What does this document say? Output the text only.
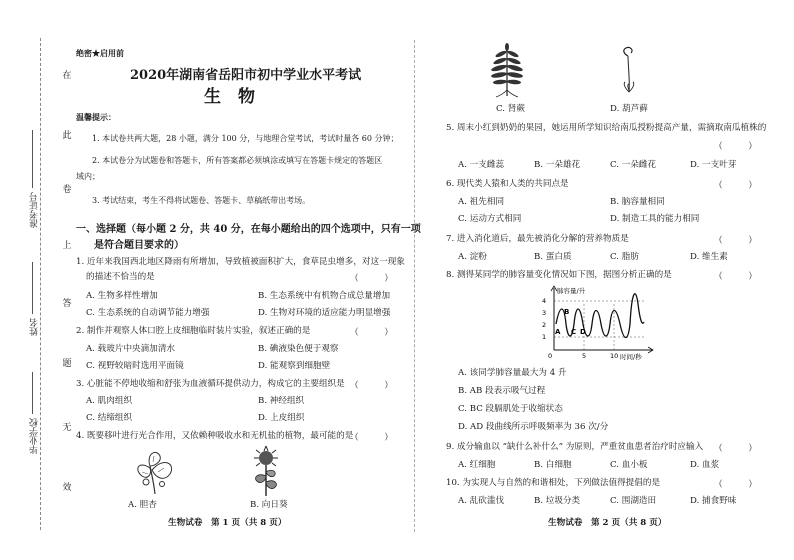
在
此
卷
上
答
题
无
效
准考证号
姓名
毕业学校
绝密★启用前
2020年湖南省岳阳市初中学业水平考试
生　物
温馨提示：
1. 本试卷共两大题，28 小题，满分 100 分，与地理合堂考试，考试时量各 60 分钟；
2. 本试卷分为试题卷和答题卡，所有答案都必须填涂或填写在答题卡规定的答题区
域内；
3. 考试结束，考生不得将试题卷、答题卡、草稿纸带出考场。
一、选择题（每小题 2 分，共 40 分，在每小题给出的四个选项中，只有一项
是符合题目要求的）
1. 近年来我国西北地区降雨有所增加，导致植被面积扩大，食草昆虫增多，对这一现象
的描述不恰当的是	（　　　）
A. 生物多样性增加	B. 生态系统中有机物合成总量增加
C. 生态系统的自动调节能力增强	D. 生物对环境的适应能力明显增强
2. 制作并观察人体口腔上皮细胞临时装片实验，叙述正确的是	（　　　）
A. 载玻片中央滴加清水	B. 碘液染色便于观察
C. 视野较暗时选用平面镜	D. 能观察到细胞壁
3. 心脏能不停地收缩和舒张为血液循环提供动力，构成它的主要组织是 （　　　）
A. 肌肉组织	B. 神经组织
C. 结缔组织	D. 上皮组织
4. 既要移叶进行光合作用，又依赖种吸收水和无机盐的植物，最可能的是
（　　　）
A. 胆杏	B. 向日葵
生物试卷　第 1 页（共 8 页）
C. 肾蕨	D. 葫芦藓
5. 周末小红到奶奶的果园，她运用所学知识给南瓜授粉提高产量，需摘取南瓜植株的
（　　　）
A. 一支雌蕊	B. 一朵雄花	C. 一朵雌花	D. 一支叶芽
6. 现代类人猿和人类的共同点是	（　　　）
A. 祖先相同	B. 脑容量相同
C. 运动方式相同	D. 制造工具的能力相同
7. 进入消化道后，最先被消化分解的营养物质是	（　　　）
A. 淀粉	B. 蛋白质	C. 脂肪	D. 维生素
8. 测得某同学的肺容量变化情况如下图，据图分析正确的是	（　　　）
肺容量/升
4
3
2
1
0	5	10 时间/秒
A
B
C D
A. 该同学肺容量最大为 4 升
B. AB 段表示吸气过程
C. BC 段膈肌处于收缩状态
D. AD 段曲线所示呼吸频率为 36 次/分
9. 成分输血以 “缺什么补什么” 为原则，严重贫血患者治疗时应输入 （　　　）
A. 红细胞	B. 白细胞	C. 血小板	D. 血浆
10. 为实现人与自然的和谐相处，下列做法值得提倡的是	（　　　）
A. 乱砍滥伐	B. 垃圾分类	C. 围湖造田	D. 捕食野味
生物试卷　第 2 页（共 8 页）
